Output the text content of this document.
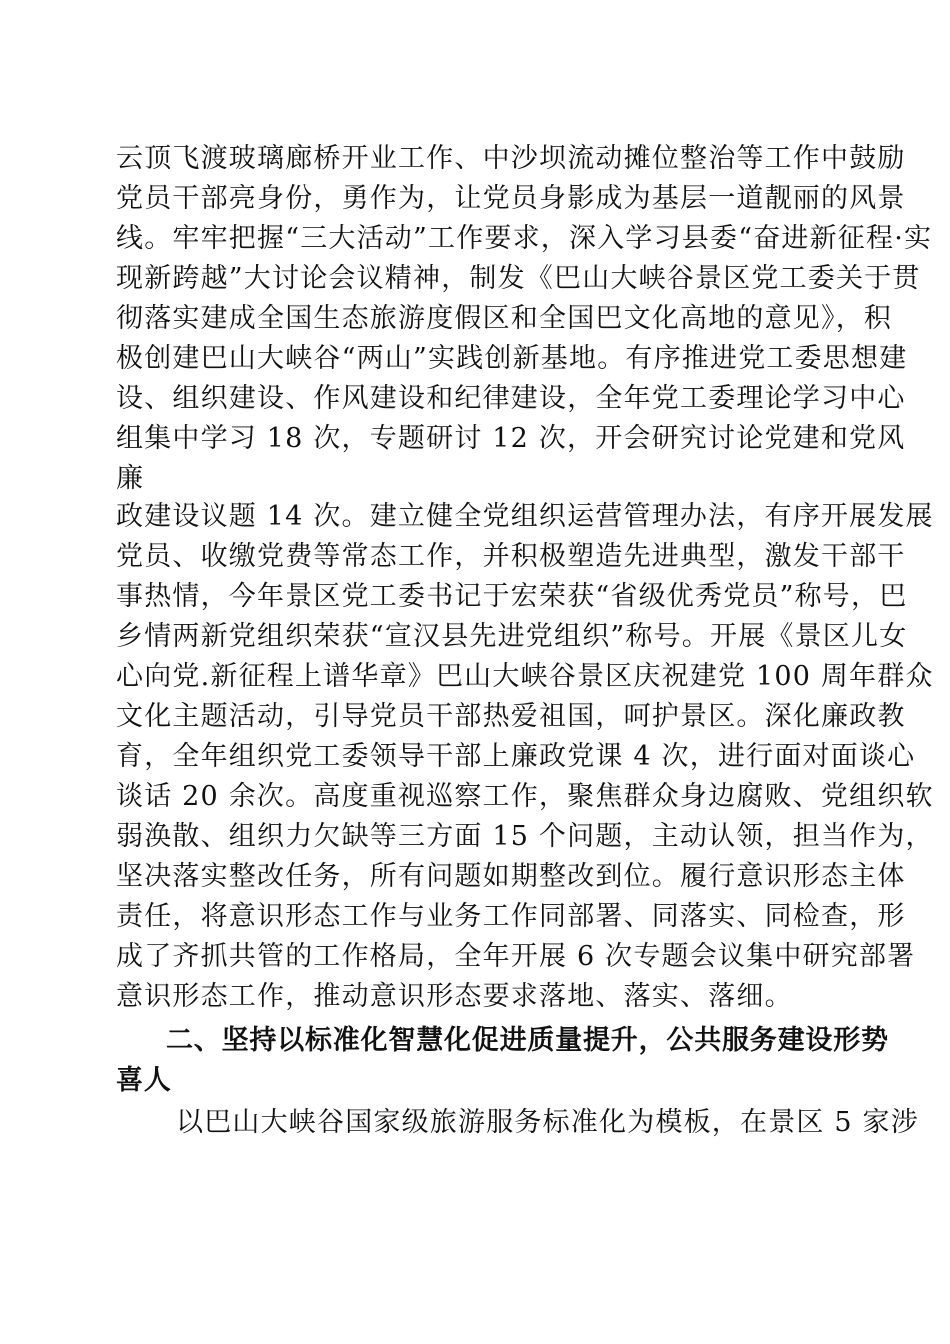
云顶飞渡玻璃廊桥开业工作、中沙坝流动摊位整治等工作中鼓励
党员干部亮身份，勇作为，让党员身影成为基层一道靓丽的风景
线。牢牢把握“三大活动”工作要求，深入学习县委“奋进新征程·实
现新跨越”大讨论会议精神，制发《巴山大峡谷景区党工委关于贯
彻落实建成全国生态旅游度假区和全国巴文化高地的意见》，积
极创建巴山大峡谷“两山”实践创新基地。有序推进党工委思想建
设、组织建设、作风建设和纪律建设，全年党工委理论学习中心
组集中学习 18 次，专题研讨 12 次，开会研究讨论党建和党风
廉
政建设议题 14 次。建立健全党组织运营管理办法，有序开展发展
党员、收缴党费等常态工作，并积极塑造先进典型，激发干部干
事热情，今年景区党工委书记于宏荣获“省级优秀党员”称号，巴
乡情两新党组织荣获“宣汉县先进党组织”称号。开展《景区儿女
心向党.新征程上谱华章》巴山大峡谷景区庆祝建党 100 周年群众
文化主题活动，引导党员干部热爱祖国，呵护景区。深化廉政教
育，全年组织党工委领导干部上廉政党课 4 次，进行面对面谈心
谈话 20 余次。高度重视巡察工作，聚焦群众身边腐败、党组织软
弱涣散、组织力欠缺等三方面 15 个问题，主动认领，担当作为，
坚决落实整改任务，所有问题如期整改到位。履行意识形态主体
责任，将意识形态工作与业务工作同部署、同落实、同检查，形
成了齐抓共管的工作格局，全年开展 6 次专题会议集中研究部署
意识形态工作，推动意识形态要求落地、落实、落细。
二、坚持以标准化智慧化促进质量提升，公共服务建设形势
喜人
以巴山大峡谷国家级旅游服务标准化为模板，在景区 5 家涉
